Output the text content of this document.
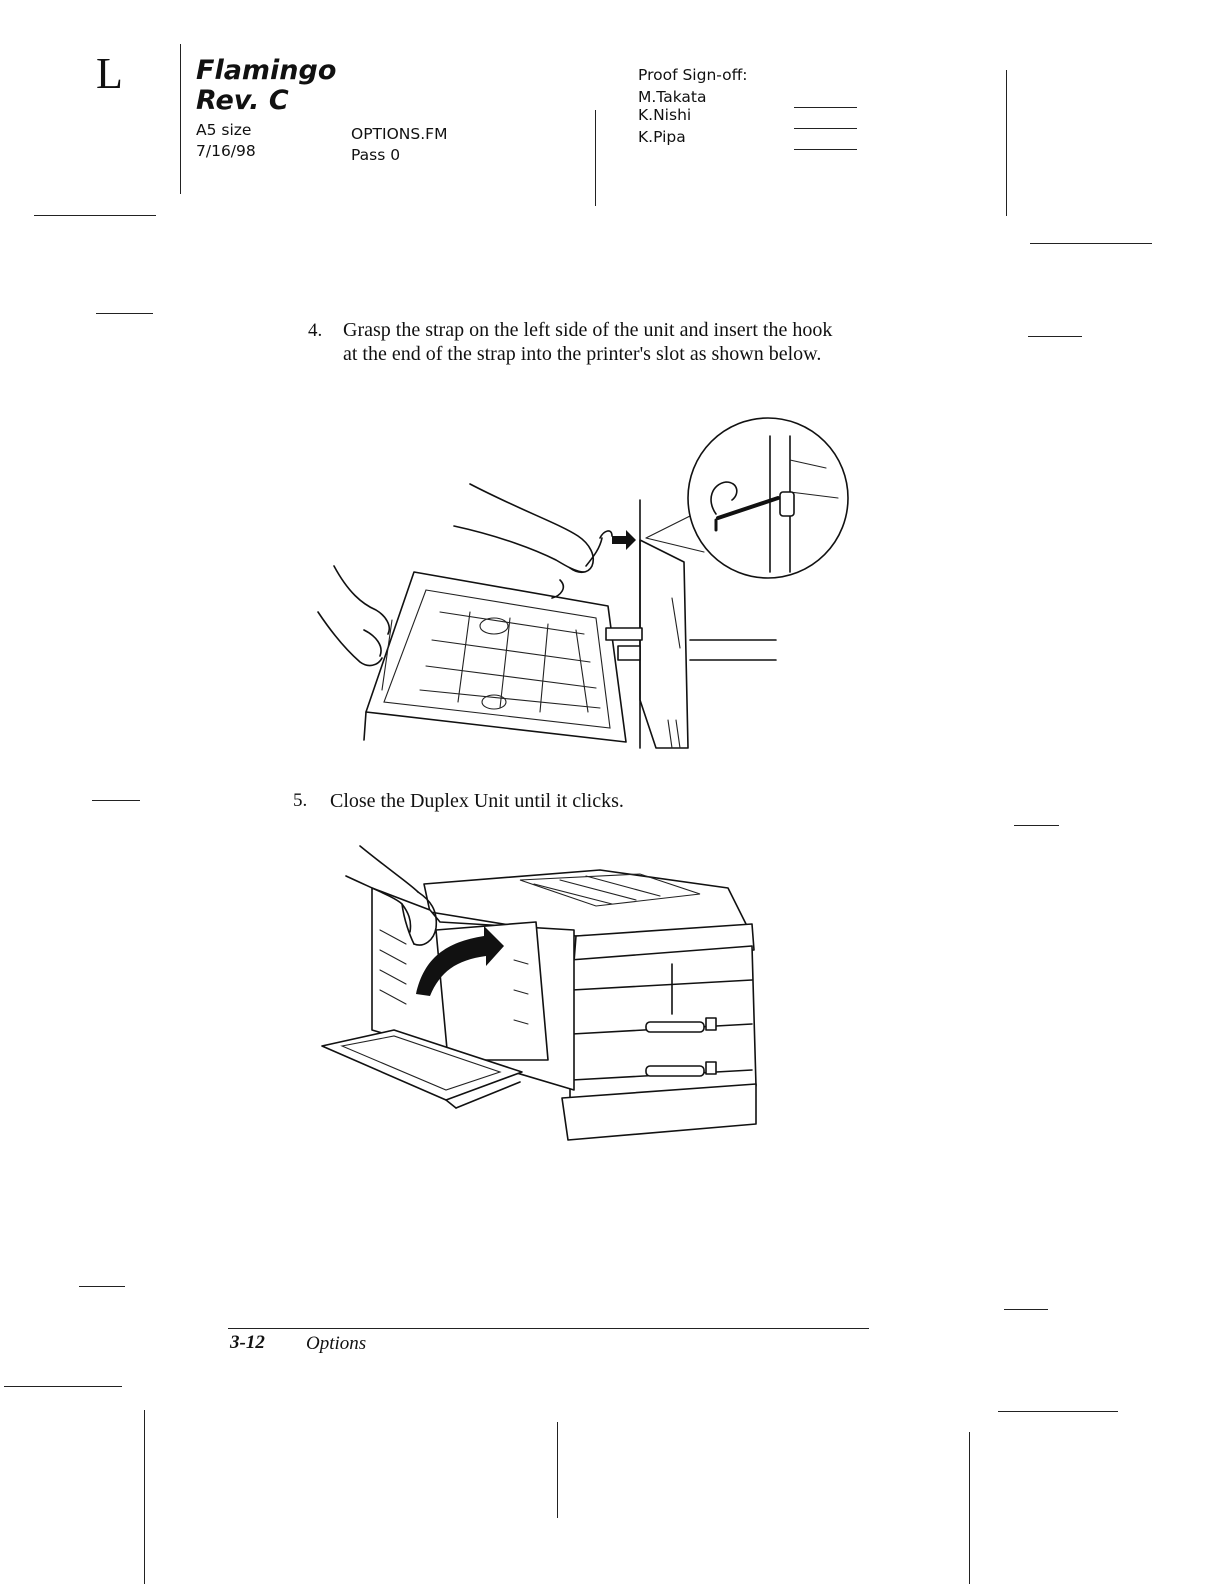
L	Flamingo
Rev. C
A5 size
7/16/98
OPTIONS.FM
Pass 0
Proof Sign-off:
M.Takata
K.Nishi
K.Pipa
4. Grasp the strap on the left side of the unit and insert the hook
at the end of the strap into the printer's slot as shown below.
5. Close the Duplex Unit until it clicks.
3-12 Options
